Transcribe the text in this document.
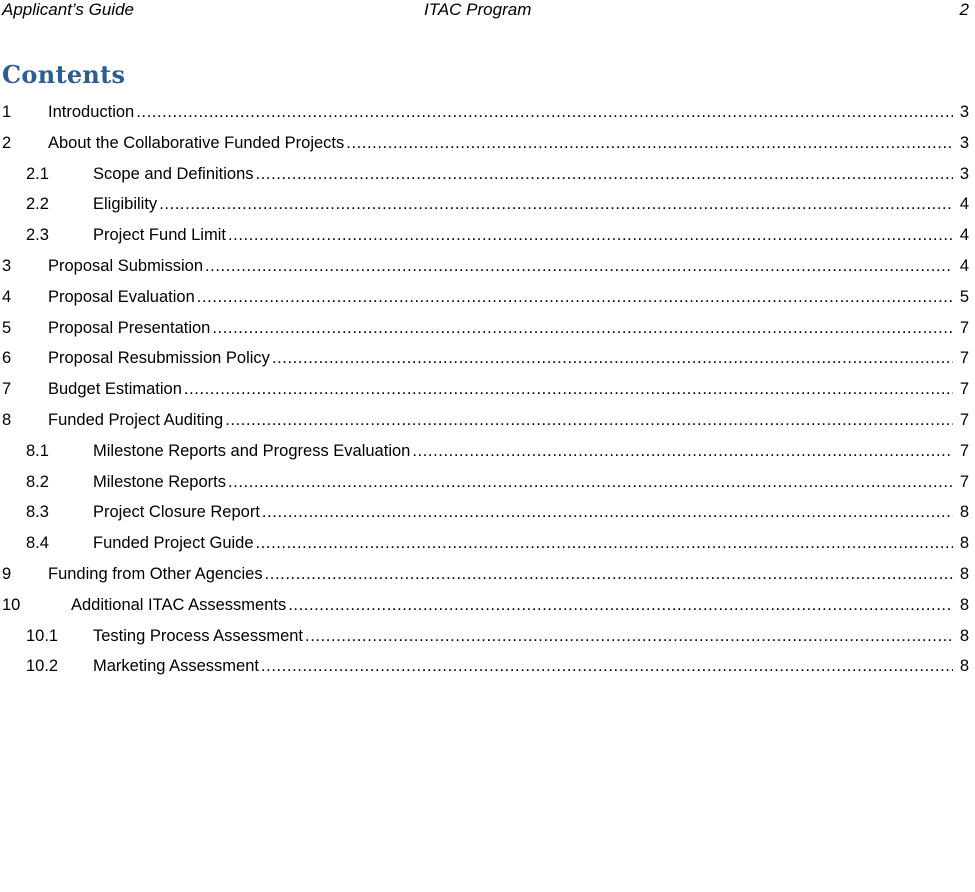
Applicant’s Guide	ITAC Program	2
Contents
1 Introduction .....	3
2 About the Collaborative Funded Projects .....	3
2.1	Scope and Definitions .....	3
2.2	Eligibility .....	4
2.3	Project Fund Limit .....	4
3 Proposal Submission .....	4
4 Proposal Evaluation .....	5
5 Proposal Presentation .....	7
6 Proposal Resubmission Policy .....	7
7 Budget Estimation .....	7
8 Funded Project Auditing .....	7
8.1	Milestone Reports and Progress Evaluation .....	7
8.2	Milestone Reports .....	7
8.3	Project Closure Report .....	8
8.4	Funded Project Guide .....	8
9 Funding from Other Agencies .....	8
10	Additional ITAC Assessments .....	8
10.1 Testing Process Assessment .....	8
10.2 Marketing Assessment .....	8
